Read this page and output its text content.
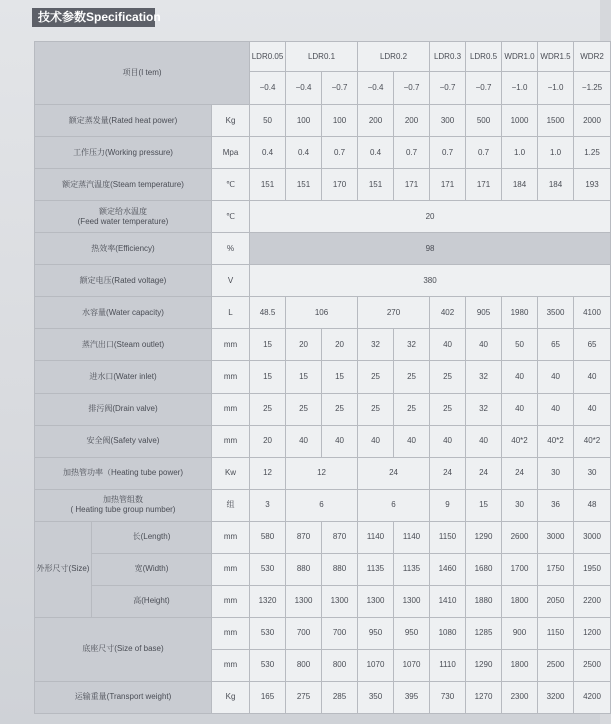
技术参数Specification
项目(I tem)			LDR0.05	LDR0.1		LDR0.2		LDR0.3	LDR0.5	WDR1.0	WDR1.5	WDR2
			−0.4	−0.4	−0.7	−0.4	−0.7	−0.7	−0.7	−1.0	−1.0	−1.25
额定蒸发量(Rated heat power)		Kg	50	100	100	200	200	300	500	1000	1500	2000
工作压力(Working pressure)		Mpa	0.4	0.4	0.7	0.4	0.7	0.7	0.7	1.0	1.0	1.25
额定蒸汽温度(Steam temperature)		℃	151	151	170	151	171	171	171	184	184	193

额定给水温度
(Feed water temperature)		℃	20									
热效率(Efficiency)		%	98									
额定电压(Rated voltage)		V	380									
水容量(Water capacity)		L	48.5	106		270		402	905	1980	3500	4100
蒸汽出口(Steam outlet)		mm	15	20	20	32	32	40	40	50	65	65
进水口(Water inlet)		mm	15	15	15	25	25	25	32	40	40	40
排污阀(Drain valve)		mm	25	25	25	25	25	25	32	40	40	40
安全阀(Safety valve)		mm	20	40	40	40	40	40	40	40*2	40*2	40*2
加热管功率（Heating tube power)		Kw	12	12		24		24	24	24	30	30

加热管组数
( Heating tube group number)		组	3	6		6		9	15	30	36	48
外形尺寸(Size)	长(Length)	mm	580	870	870	1140	1140	1150	1290	2600	3000	3000
	宽(Width)	mm	530	880	880	1135	1135	1460	1680	1700	1750	1950
	高(Height)	mm	1320	1300	1300	1300	1300	1410	1880	1800	2050	2200
底座尺寸(Size of base)		mm	530	700	700	950	950	1080	1285	900	1150	1200
		mm	530	800	800	1070	1070	1110	1290	1800	2500	2500
运输重量(Transport weight)		Kg	165	275	285	350	395	730	1270	2300	3200	4200
